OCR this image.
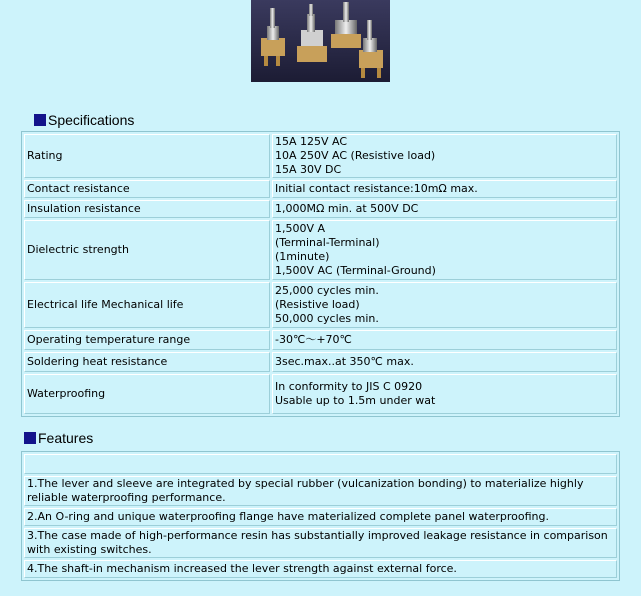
Specifications
Rating	15A 125V AC
10A 250V AC (Resistive load)
15A 30V DC

Contact resistance	Initial contact resistance:10mΩ max.

Insulation resistance	1,000MΩ min. at 500V DC

Dielectric strength	1,500V A
(Terminal-Terminal)
(1minute)
1,500V AC (Terminal-Ground)

Electrical life Mechanical life	25,000 cycles min.
(Resistive load)
50,000 cycles min.

Operating temperature range	-30℃～+70℃

Soldering heat resistance	3sec.max..at 350℃ max.

Waterproofing	In conformity to JIS C 0920
Usable up to 1.5m under wat
Features

1.The lever and sleeve are integrated by special rubber (vulcanization bonding) to materialize highly reliable waterproofing performance.
2.An O-ring and unique waterproofing flange have materialized complete panel waterproofing.
3.The case made of high-performance resin has substantially improved leakage resistance in comparison with existing switches.
4.The shaft-in mechanism increased the lever strength against external force.
